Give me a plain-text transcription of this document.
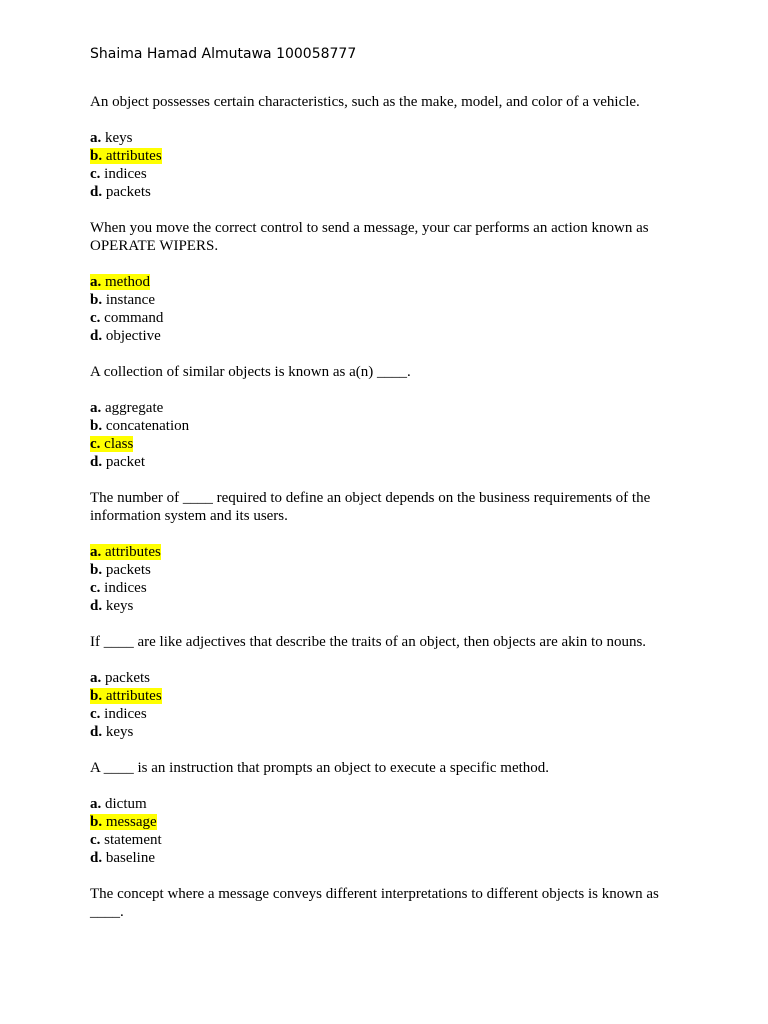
Shaima Hamad Almutawa 100058777

An object possesses certain characteristics, such as the make, model, and color of a vehicle.

a. keys
b. attributes
c. indices
d. packets

When you move the correct control to send a message, your car performs an action known as OPERATE WIPERS.

a. method
b. instance
c. command
d. objective

A collection of similar objects is known as a(n) ____.

a. aggregate
b. concatenation
c. class
d. packet

The number of ____ required to define an object depends on the business requirements of the information system and its users.

a. attributes
b. packets
c. indices
d. keys

If ____ are like adjectives that describe the traits of an object, then objects are akin to nouns.

a. packets
b. attributes
c. indices
d. keys

A ____ is an instruction that prompts an object to execute a specific method.

a. dictum
b. message
c. statement
d. baseline

The concept where a message conveys different interpretations to different objects is known as ____.
